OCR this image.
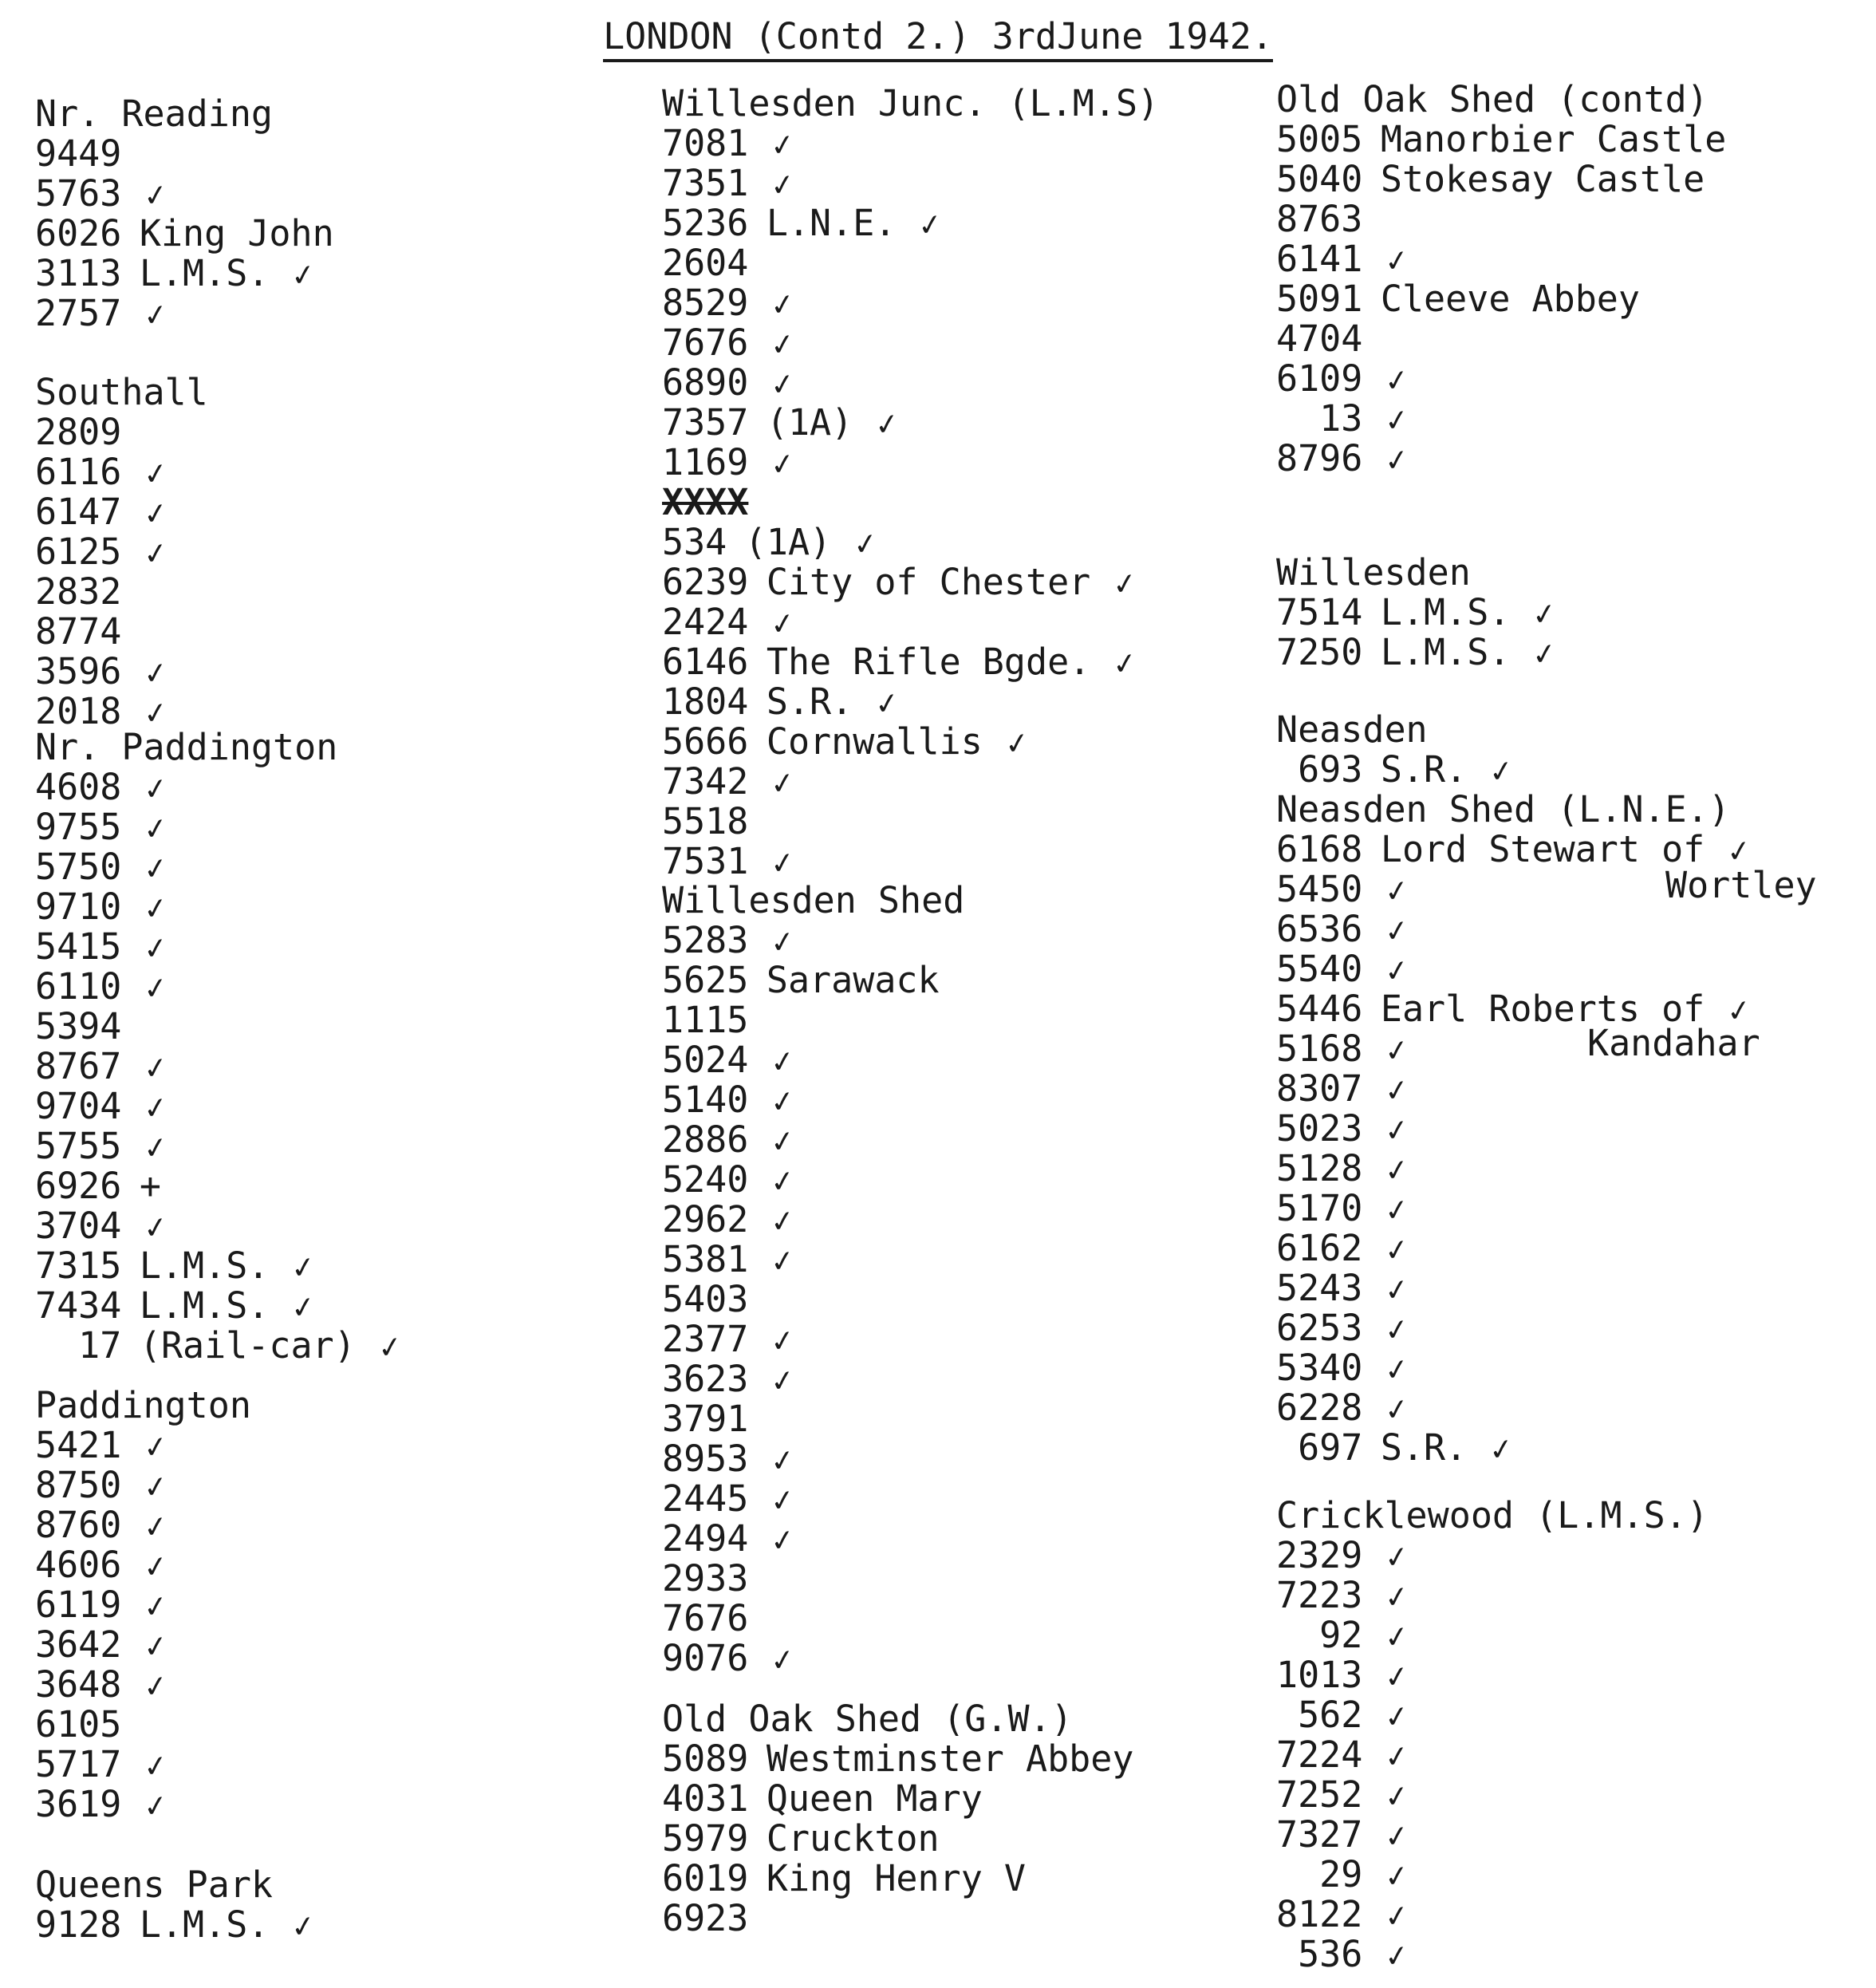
LONDON (Contd 2.) 3rdJune 1942.
Nr. Reading
9449
5763 ✓
6026 King John
3113 L.M.S. ✓
2757 ✓
Southall
2809
6116 ✓
6147 ✓
6125 ✓
2832
8774
3596 ✓
2018 ✓
Nr. Paddington
4608 ✓
9755 ✓
5750 ✓
9710 ✓
5415 ✓
6110 ✓
5394
8767 ✓
9704 ✓
5755 ✓
6926 +
3704 ✓
7315 L.M.S. ✓
7434 L.M.S. ✓
17 (Rail-car) ✓
Paddington
5421 ✓
8750 ✓
8760 ✓
4606 ✓
6119 ✓
3642 ✓
3648 ✓
6105
5717 ✓
3619 ✓
Queens Park
9128 L.M.S. ✓
Willesden Junc. (L.M.S)
7081 ✓
7351 ✓
5236 L.N.E. ✓
2604
8529 ✓
7676 ✓
6890 ✓
7357 (1A) ✓
1169 ✓
XXXX
534 (1A) ✓
6239 City of Chester ✓
2424 ✓
6146 The Rifle Bgde. ✓
1804 S.R. ✓
5666 Cornwallis ✓
7342 ✓
5518
7531 ✓
Willesden Shed
5283 ✓
5625 Sarawack
1115
5024 ✓
5140 ✓
2886 ✓
5240 ✓
2962 ✓
5381 ✓
5403
2377 ✓
3623 ✓
3791
8953 ✓
2445 ✓
2494 ✓
2933
7676
9076 ✓
Old Oak Shed (G.W.)
5089 Westminster Abbey
4031 Queen Mary
5979 Cruckton
6019 King Henry V
6923
Wortley
Kandahar
Old Oak Shed (contd)
5005 Manorbier Castle
5040 Stokesay Castle
8763
6141 ✓
5091 Cleeve Abbey
4704
6109 ✓
13 ✓
8796 ✓
Willesden
7514 L.M.S. ✓
7250 L.M.S. ✓
Neasden
693 S.R. ✓
Neasden Shed (L.N.E.)
6168 Lord Stewart of ✓
5450 ✓
6536 ✓
5540 ✓
5446 Earl Roberts of ✓
5168 ✓
8307 ✓
5023 ✓
5128 ✓
5170 ✓
6162 ✓
5243 ✓
6253 ✓
5340 ✓
6228 ✓
697 S.R. ✓
Cricklewood (L.M.S.)
2329 ✓
7223 ✓
92 ✓
1013 ✓
562 ✓
7224 ✓
7252 ✓
7327 ✓
29 ✓
8122 ✓
536 ✓
